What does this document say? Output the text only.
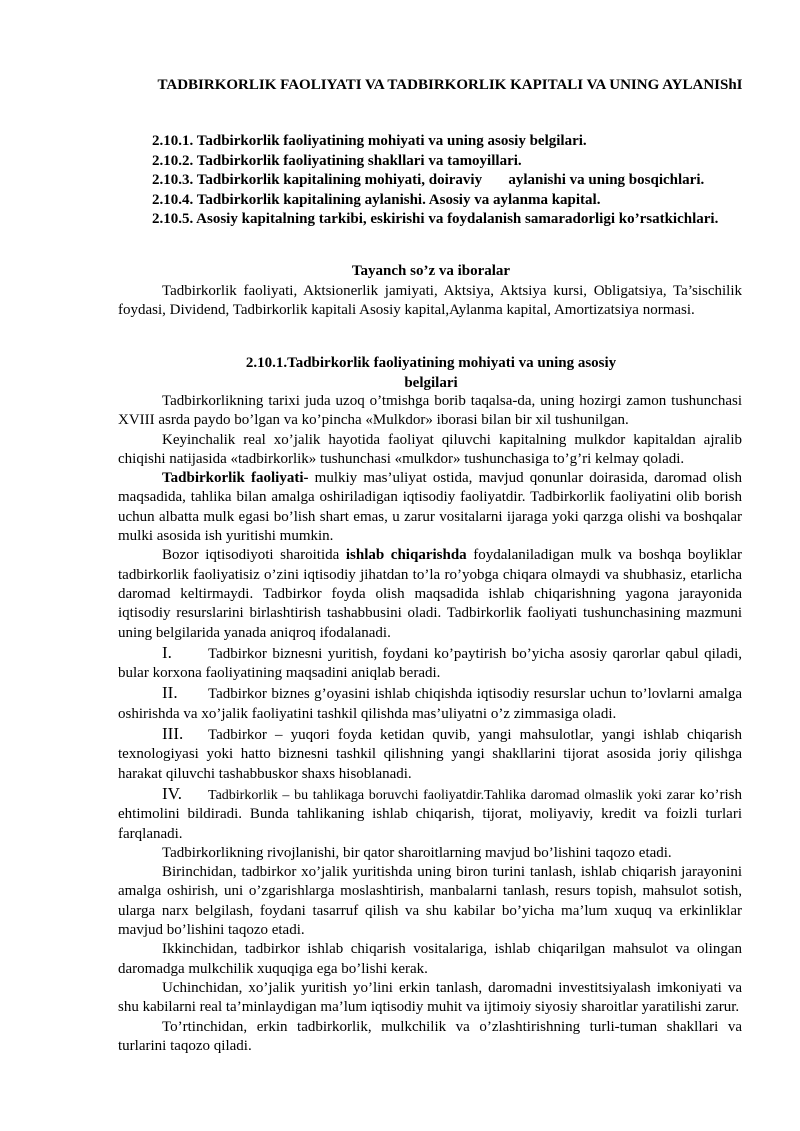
TADBIRKORLIK FAOLIYATI VA TADBIRKORLIK KAPITALI VA UNING AYLANIShI
2.10.1. Tadbirkorlik faoliyatining mohiyati va uning asosiy belgilari.
2.10.2. Tadbirkorlik faoliyatining shakllari va tamoyillari.
2.10.3. Tadbirkorlik kapitalining mohiyati, doiraviy       aylanishi va uning bosqichlari.
2.10.4. Tadbirkorlik kapitalining aylanishi. Asosiy va aylanma kapital.
2.10.5. Asosiy kapitalning tarkibi, eskirishi va foydalanish samaradorligi ko’rsatkichlari.
Tayanch so’z va iboralar

Tadbirkorlik faoliyati, Aktsionerlik jamiyati, Aktsiya, Aktsiya kursi, Obligatsiya, Ta’sischilik foydasi, Dividend, Tadbirkorlik kapitali Asosiy kapital,Aylanma kapital, Amortizatsiya normasi.

2.10.1.Tadbirkorlik faoliyatining mohiyati va uning asosiy
belgilari

Tadbirkorlikning tarixi juda uzoq o’tmishga borib taqalsa-da, uning hozirgi zamon tushunchasi XVIII asrda paydo bo’lgan va ko’pincha «Mulkdor» iborasi bilan bir xil tushunilgan.

Keyinchalik real xo’jalik hayotida faoliyat qiluvchi kapitalning mulkdor kapitaldan ajralib chiqishi natijasida «tadbirkorlik» tushunchasi «mulkdor» tushunchasiga to’g’ri kelmay qoladi.

Tadbirkorlik faoliyati- mulkiy mas’uliyat ostida, mavjud qonunlar doirasida, daromad olish maqsadida, tahlika bilan amalga oshiriladigan iqtisodiy faoliyatdir. Tadbirkorlik faoliyatini olib borish uchun albatta mulk egasi bo’lish shart emas, u zarur vositalarni ijaraga yoki qarzga olishi va boshqalar mulki asosida ish yuritishi mumkin.

Bozor iqtisodiyoti sharoitida ishlab chiqarishda foydalaniladigan mulk va boshqa boyliklar tadbirkorlik faoliyatisiz o’zini iqtisodiy jihatdan to’la ro’yobga chiqara olmaydi va shubhasiz, etarlicha daromad keltirmaydi. Tadbirkor foyda olish maqsadida ishlab chiqarishning yagona jarayonida iqtisodiy resurslarini birlashtirish tashabbusini oladi. Tadbirkorlik faoliyati tushunchasining mazmuni uning belgilarida yanada aniqroq ifodalanadi.

I. Tadbirkor biznesni yuritish, foydani ko’paytirish bo’yicha asosiy qarorlar qabul qiladi, bular korxona faoliyatining maqsadini aniqlab beradi.

II. Tadbirkor biznes g’oyasini ishlab chiqishda iqtisodiy resurslar uchun to’lovlarni amalga oshirishda va xo’jalik faoliyatini tashkil qilishda mas’uliyatni o’z zimmasiga oladi.

III. Tadbirkor – yuqori foyda ketidan quvib, yangi mahsulotlar, yangi ishlab chiqarish texnologiyasi yoki hatto biznesni tashkil qilishning yangi shakllarini tijorat asosida joriy qilishga harakat qiluvchi tashabbuskor shaxs hisoblanadi.

IV. Tadbirkorlik – bu tahlikaga boruvchi faoliyatdir.Tahlika daromad olmaslik yoki zarar ko’rish ehtimolini bildiradi. Bunda tahlikaning ishlab chiqarish, tijorat, moliyaviy, kredit va foizli turlari farqlanadi.

Tadbirkorlikning rivojlanishi, bir qator sharoitlarning mavjud bo’lishini taqozo etadi.

Birinchidan, tadbirkor xo’jalik yuritishda uning biron turini tanlash, ishlab chiqarish jarayonini amalga oshirish, uni o’zgarishlarga moslashtirish, manbalarni tanlash, resurs topish, mahsulot sotish, ularga narx belgilash, foydani tasarruf qilish va shu kabilar bo’yicha ma’lum xuquq va erkinliklar mavjud bo’lishini taqozo etadi.

Ikkinchidan, tadbirkor ishlab chiqarish vositalariga, ishlab chiqarilgan mahsulot va olingan daromadga mulkchilik xuquqiga ega bo’lishi kerak.

Uchinchidan, xo’jalik yuritish yo’lini erkin tanlash, daromadni investitsiyalash imkoniyati va shu kabilarni real ta’minlaydigan ma’lum iqtisodiy muhit va ijtimoiy siyosiy sharoitlar yaratilishi zarur.

To’rtinchidan, erkin tadbirkorlik, mulkchilik va o’zlashtirishning turli-tuman shakllari va turlarini taqozo qiladi.
